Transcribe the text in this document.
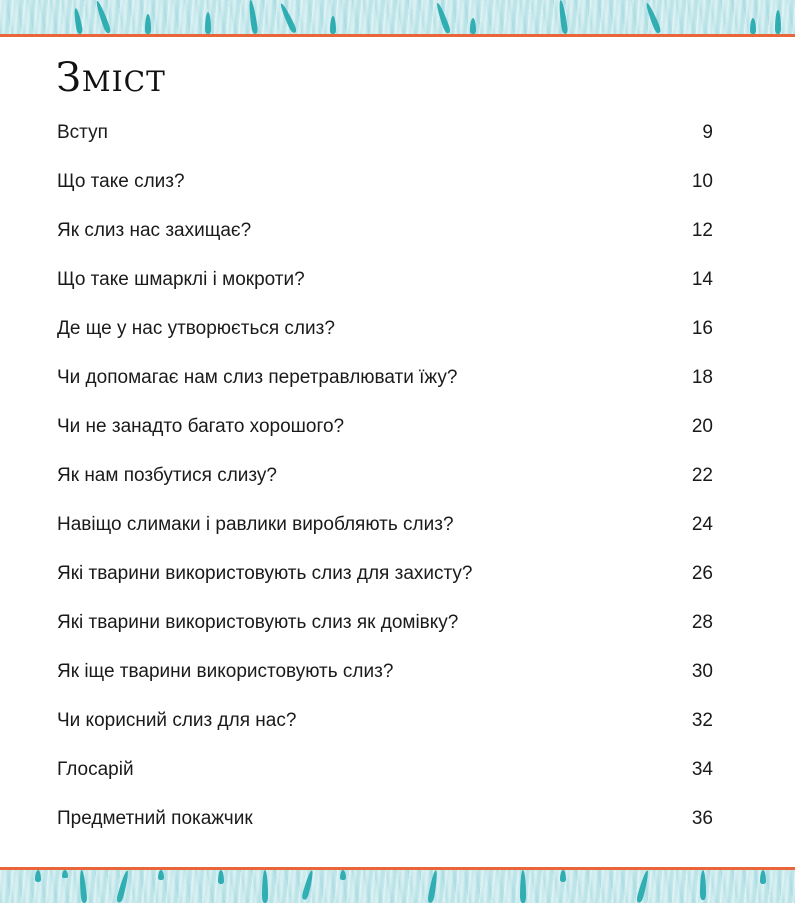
Зміст
Вступ	9
Що таке слиз?	10
Як слиз нас захищає?	12
Що таке шмарклі і мокроти?	14
Де ще у нас утворюється слиз?	16
Чи допомагає нам слиз перетравлювати їжу?	18
Чи не занадто багато хорошого?	20
Як нам позбутися слизу?	22
Навіщо слимаки і равлики виробляють слиз?	24
Які тварини використовують слиз для захисту?	26
Які тварини використовують слиз як домівку?	28
Як іще тварини використовують слиз?	30
Чи корисний слиз для нас?	32
Глосарій	34
Предметний покажчик	36
